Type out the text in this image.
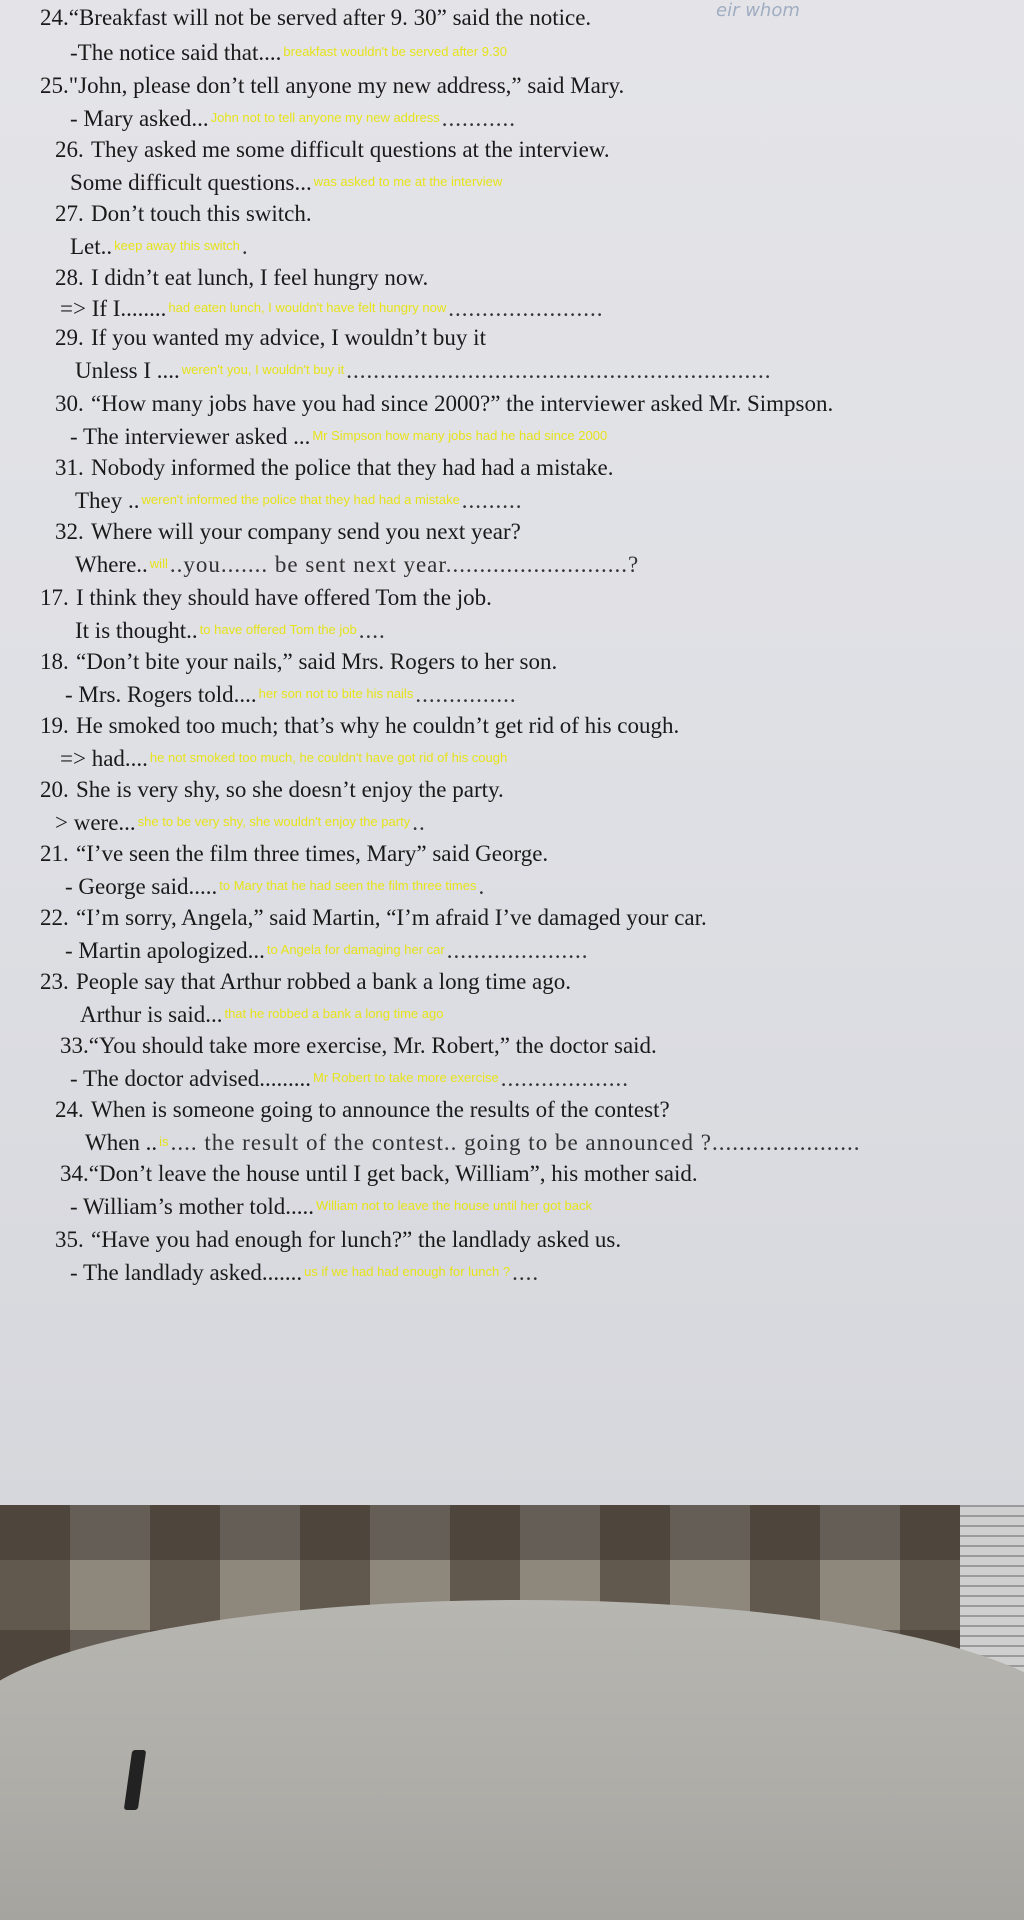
eir whom
24.“Breakfast will not be served after 9. 30” said the notice.
-The notice said that.... breakfast wouldn't be served after 9.30
25."John, please don’t tell anyone my new address,” said Mary.
- Mary asked... John not to tell anyone my new address...........
26. They asked me some difficult questions at the interview.
Some difficult questions... was asked to me at the interview
27. Don’t touch this switch.
Let.. keep away this switch.
28. I didn’t eat lunch, I feel hungry now.
=> If I........ had eaten lunch, I wouldn't have felt hungry now.......................
29. If you wanted my advice, I wouldn’t buy it
Unless I .... weren't you, I wouldn't buy it...............................................................
30. “How many jobs have you had since 2000?” the interviewer asked Mr. Simpson.
- The interviewer asked ... Mr Simpson how many jobs had he had since 2000
31. Nobody informed the police that they had had a mistake.
They .. weren't informed the police that they had had a mistake.........
32. Where will your company send you next year?
Where.. will..you....... be sent next year...........................?
17. I think they should have offered Tom the job.
It is thought.. to have offered Tom the job....
18. “Don’t bite your nails,” said Mrs. Rogers to her son.
- Mrs. Rogers told.... her son not to bite his nails...............
19. He smoked too much; that’s why he couldn’t get rid of his cough.
=> had.... he not smoked too much, he couldn't have got rid of his cough
20. She is very shy, so she doesn’t enjoy the party.
> were... she to be very shy, she wouldn't enjoy the party..
21. “I’ve seen the film three times, Mary” said George.
- George said..... to Mary that he had seen the film three times.
22. “I’m sorry, Angela,” said Martin, “I’m afraid I’ve damaged your car.
- Martin apologized... to Angela for damaging her car.....................
23. People say that Arthur robbed a bank a long time ago.
Arthur is said... that he robbed a bank a long time ago
33.“You should take more exercise, Mr. Robert,” the doctor said.
- The doctor advised......... Mr Robert to take more exercise...................
24. When is someone going to announce the results of the contest?
When .. is.... the result of the contest.. going to be announced ?......................
34.“Don’t leave the house until I get back, William”, his mother said.
- William’s mother told..... William not to leave the house until her got back
35. “Have you had enough for lunch?” the landlady asked us.
- The landlady asked....... us if we had had enough for lunch ?....
